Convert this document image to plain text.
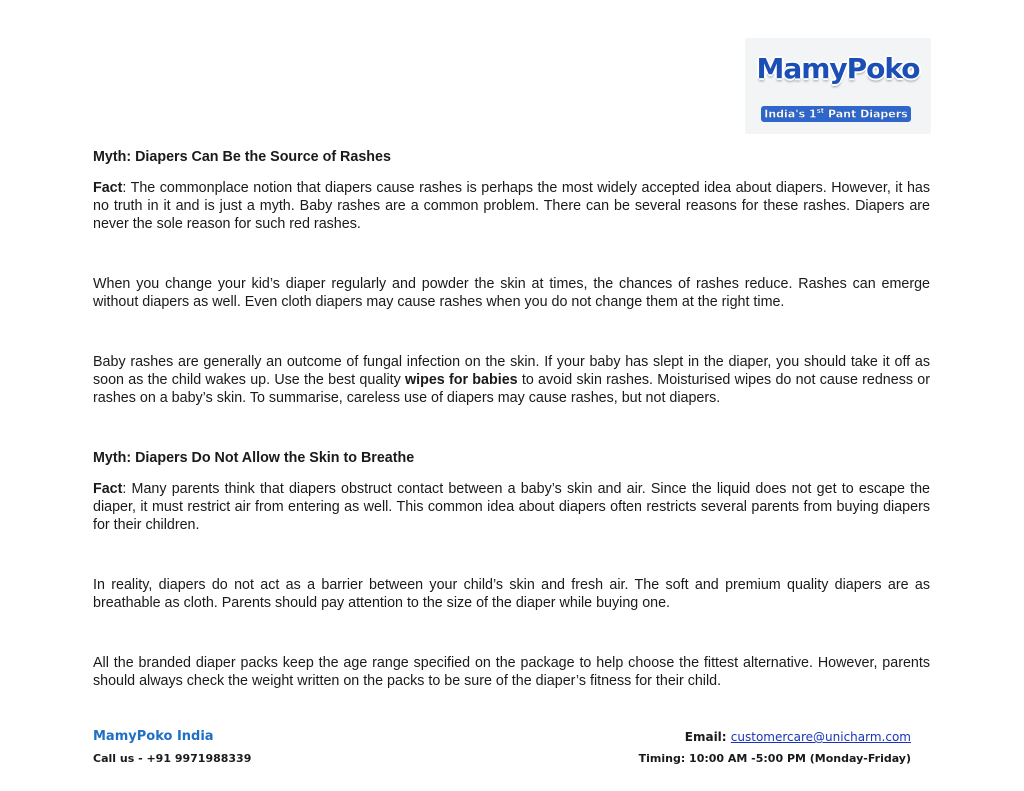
MamyPoko
India's 1st Pant Diapers

Myth: Diapers Can Be the Source of Rashes

Fact: The commonplace notion that diapers cause rashes is perhaps the most widely accepted idea about diapers. However, it has no truth in it and is just a myth. Baby rashes are a common problem. There can be several reasons for these rashes. Diapers are never the sole reason for such red rashes.

When you change your kid’s diaper regularly and powder the skin at times, the chances of rashes reduce. Rashes can emerge without diapers as well. Even cloth diapers may cause rashes when you do not change them at the right time.

Baby rashes are generally an outcome of fungal infection on the skin. If your baby has slept in the diaper, you should take it off as soon as the child wakes up. Use the best quality wipes for babies to avoid skin rashes. Moisturised wipes do not cause redness or rashes on a baby’s skin. To summarise, careless use of diapers may cause rashes, but not diapers.

Myth: Diapers Do Not Allow the Skin to Breathe

Fact: Many parents think that diapers obstruct contact between a baby’s skin and air. Since the liquid does not get to escape the diaper, it must restrict air from entering as well. This common idea about diapers often restricts several parents from buying diapers for their children.

In reality, diapers do not act as a barrier between your child’s skin and fresh air. The soft and premium quality diapers are as breathable as cloth. Parents should pay attention to the size of the diaper while buying one.

All the branded diaper packs keep the age range specified on the package to help choose the fittest alternative. However, parents should always check the weight written on the packs to be sure of the diaper’s fitness for their child.

MamyPoko India
Call us - +91 9971988339
Email: customercare@unicharm.com
Timing: 10:00 AM -5:00 PM (Monday-Friday)
